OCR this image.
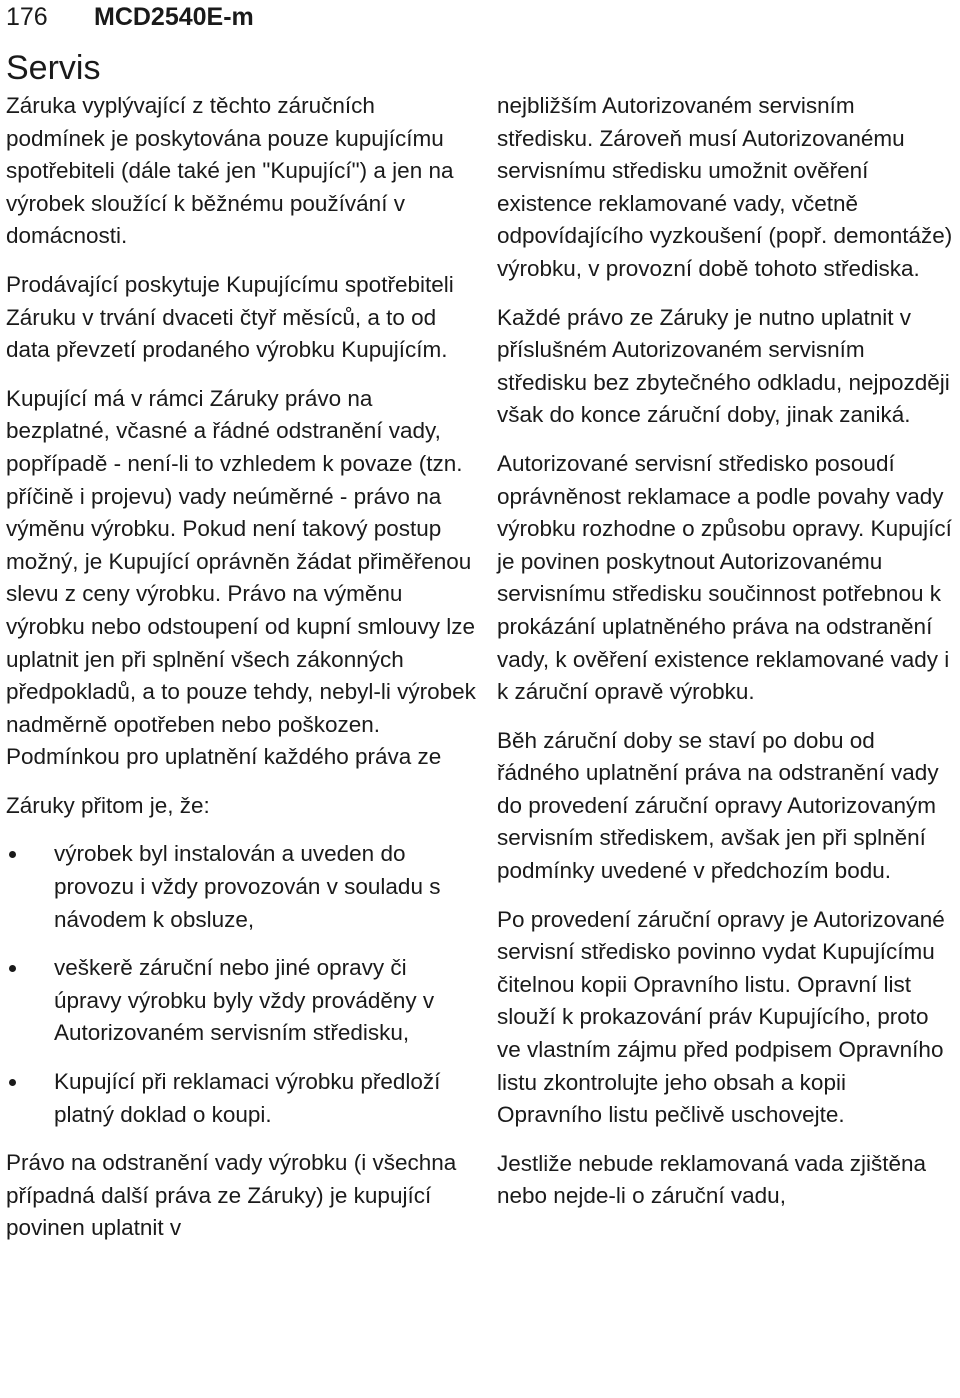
176	MCD2540E-m
Servis

Záruka vyplývající z těchto záručních podmínek je poskytována pouze kupujícímu spotřebiteli (dále také jen "Kupující") a jen na výrobek sloužící k běžnému používání v domácnosti.

Prodávající poskytuje Kupujícímu spotřebiteli Záruku v trvání dvaceti čtyř měsíců, a to od data převzetí prodaného výrobku Kupujícím.

Kupující má v rámci Záruky právo na bezplatné, včasné a řádné odstranění vady, popřípadě - není-li to vzhledem k povaze (tzn. příčině i projevu) vady neúměrné - právo na výměnu výrobku. Pokud není takový postup možný, je Kupující oprávněn žádat přiměřenou slevu z ceny výrobku. Právo na výměnu výrobku nebo odstoupení od kupní smlouvy lze uplatnit jen při splnění všech zákonných předpokladů, a to pouze tehdy, nebyl-li výrobek nadměrně opotřeben nebo poškozen. Podmínkou pro uplatnění každého práva ze

Záruky přitom je, že:

výrobek byl instalován a uveden do provozu i vždy provozován v souladu s návodem k obsluze,
veškerě záruční nebo jiné opravy či úpravy výrobku byly vždy prováděny v Autorizovaném servisním středisku,
Kupující při reklamaci výrobku předloží platný doklad o koupi.

Právo na odstranění vady výrobku (i všechna případná další práva ze Záruky) je kupující povinen uplatnit v

nejbližším Autorizovaném servisním středisku. Zároveň musí Autorizovanému servisnímu středisku umožnit ověření existence reklamované vady, včetně odpovídajícího vyzkoušení (popř. demontáže) výrobku, v provozní době tohoto střediska.

Každé právo ze Záruky je nutno uplatnit v příslušném Autorizovaném servisním středisku bez zbytečného odkladu, nejpozději však do konce záruční doby, jinak zaniká.

Autorizované servisní středisko posoudí oprávněnost reklamace a podle povahy vady výrobku rozhodne o způsobu opravy. Kupující je povinen poskytnout Autorizovanému servisnímu středisku součinnost potřebnou k prokázání uplatněného práva na odstranění vady, k ověření existence reklamované vady i k záruční opravě výrobku.

Běh záruční doby se staví po dobu od řádného uplatnění práva na odstranění vady do provedení záruční opravy Autorizovaným servisním střediskem, avšak jen při splnění podmínky uvedené v předchozím bodu.

Po provedení záruční opravy je Autorizované servisní středisko povinno vydat Kupujícímu čitelnou kopii Opravního listu. Opravní list slouží k prokazování práv Kupujícího, proto ve vlastním zájmu před podpisem Opravního listu zkontrolujte jeho obsah a kopii Opravního listu pečlivě uschovejte.

Jestliže nebude reklamovaná vada zjištěna nebo nejde-li o záruční vadu,
